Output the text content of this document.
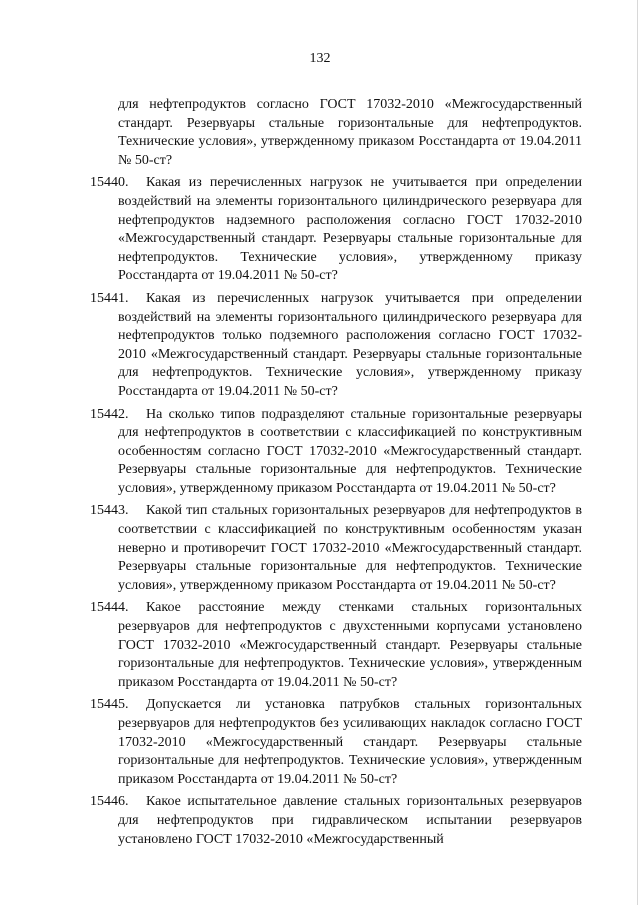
132

для нефтепродуктов согласно ГОСТ 17032-2010 «Межгосударственный стандарт. Резервуары стальные горизонтальные для нефтепродуктов. Технические условия», утвержденному приказом Росстандарта от 19.04.2011 № 50-ст?

15440. Какая из перечисленных нагрузок не учитывается при определении воздействий на элементы горизонтального цилиндрического резервуара для нефтепродуктов надземного расположения согласно ГОСТ 17032-2010 «Межгосударственный стандарт. Резервуары стальные горизонтальные для нефтепродуктов. Технические условия», утвержденному приказу Росстандарта от 19.04.2011 № 50-ст?
15441. Какая из перечисленных нагрузок учитывается при определении воздействий на элементы горизонтального цилиндрического резервуара для нефтепродуктов только подземного расположения согласно ГОСТ 17032-2010 «Межгосударственный стандарт. Резервуары стальные горизонтальные для нефтепродуктов. Технические условия», утвержденному приказу Росстандарта от 19.04.2011 № 50-ст?
15442. На сколько типов подразделяют стальные горизонтальные резервуары для нефтепродуктов в соответствии с классификацией по конструктивным особенностям согласно ГОСТ 17032-2010 «Межгосударственный стандарт. Резервуары стальные горизонтальные для нефтепродуктов. Технические условия», утвержденному приказом Росстандарта от 19.04.2011 № 50-ст?
15443. Какой тип стальных горизонтальных резервуаров для нефтепродуктов в соответствии с классификацией по конструктивным особенностям указан неверно и противоречит ГОСТ 17032-2010 «Межгосударственный стандарт. Резервуары стальные горизонтальные для нефтепродуктов. Технические условия», утвержденному приказом Росстандарта от 19.04.2011 № 50-ст?
15444. Какое расстояние между стенками стальных горизонтальных резервуаров для нефтепродуктов с двухстенными корпусами установлено ГОСТ 17032-2010 «Межгосударственный стандарт. Резервуары стальные горизонтальные для нефтепродуктов. Технические условия», утвержденным приказом Росстандарта от 19.04.2011 № 50-ст?
15445. Допускается ли установка патрубков стальных горизонтальных резервуаров для нефтепродуктов без усиливающих накладок согласно ГОСТ 17032-2010 «Межгосударственный стандарт. Резервуары стальные горизонтальные для нефтепродуктов. Технические условия», утвержденным приказом Росстандарта от 19.04.2011 № 50-ст?
15446. Какое испытательное давление стальных горизонтальных резервуаров для нефтепродуктов при гидравлическом испытании резервуаров установлено ГОСТ 17032-2010 «Межгосударственный
